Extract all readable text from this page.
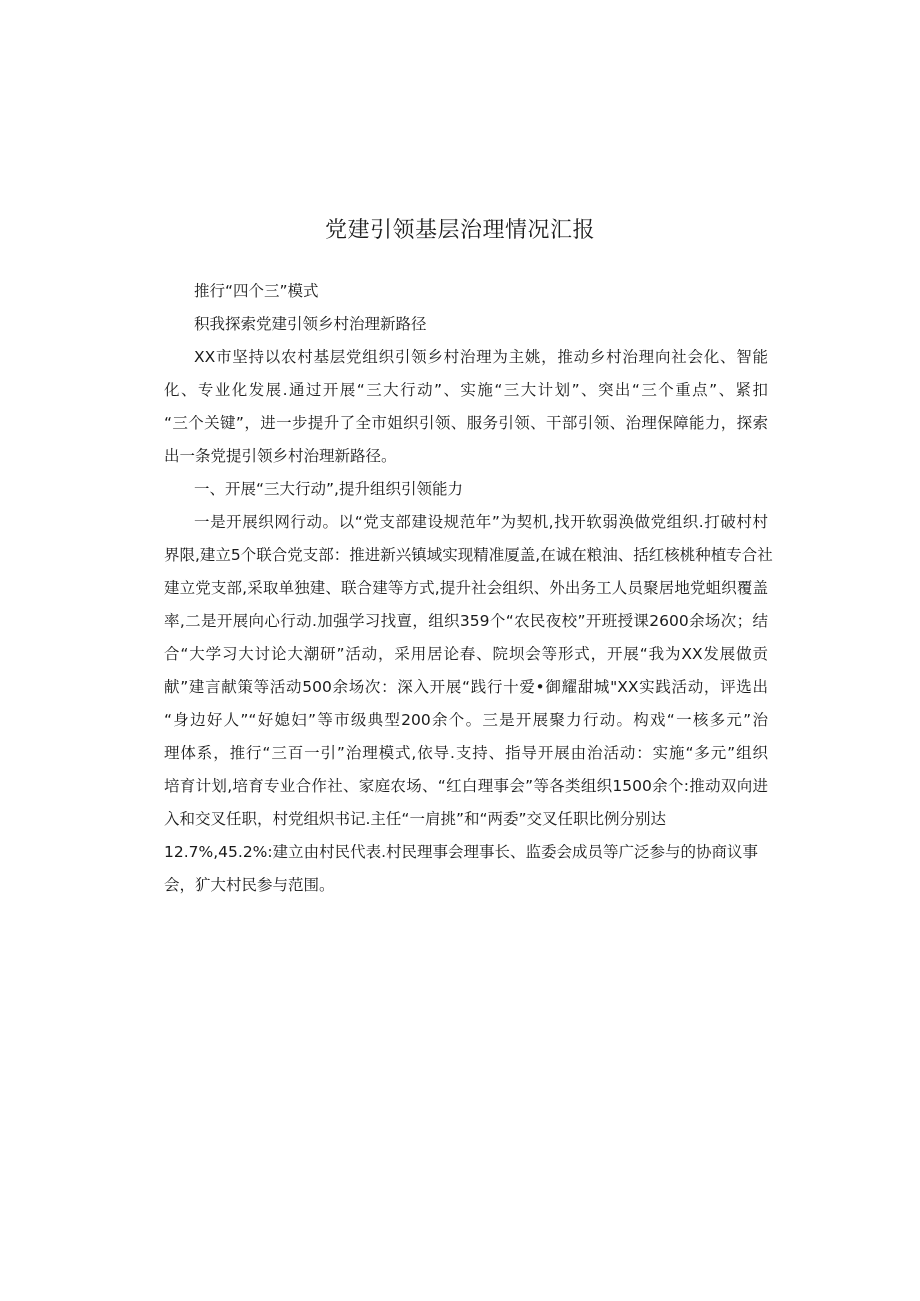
党建引领基层治理情况汇报
推行“四个三”模式
积我探索党建引领乡村治理新路径
XX市坚持以农村基层党组织引领乡村治理为主姚，推动乡村治理向社会化、智能
化、专业化发展.通过开展“三大行动”、实施“三大计划”、突出“三个重点”、紧扣
“三个关键”，进一步提升了全市姐织引领、服务引领、干部引领、治理保障能力，探索
出一条党提引领乡村治理新路径。
一、开展“三大行动”,提升组织引领能力
一是开展织网行动。以“党支部建设规范年”为契机,找开软弱涣做党组织.打破村村
界限,建立5个联合党支部：推进新兴镇域实现精准厦盖,在诚在粮油、括红核桃种植专合社
建立党支部,采取单独建、联合建等方式,提升社会组织、外出务工人员聚居地党蛆织覆盖
率,二是开展向心行动.加强学习找亶，组织359个“农民夜校”开班授课2600余场次；结
合“大学习大讨论大潮研”活动，采用居论春、院坝会等形式，开展“我为XX发展做贡
献”建言献策等活动500余场次：深入开展“践行十爱•御耀甜城"XX实践活动，评选出
“身边好人”“好媳妇”等市级典型200余个。三是开展聚力行动。构戏“一核多元”治
理体系，推行“三百一引”治理模式,依导.支持、指导开展由治活动：实施“多元”组织
培育计划,培育专业合作社、家庭农场、“红白理事会”等各类组织1500余个:推动双向进
入和交叉任职，村党组炽书记.主任“一肩挑”和“两委”交叉任职比例分别达
12.7%,45.2%:建立由村民代表.村民理事会理事长、监委会成员等广泛参与的协商议事
会，犷大村民参与范围。
